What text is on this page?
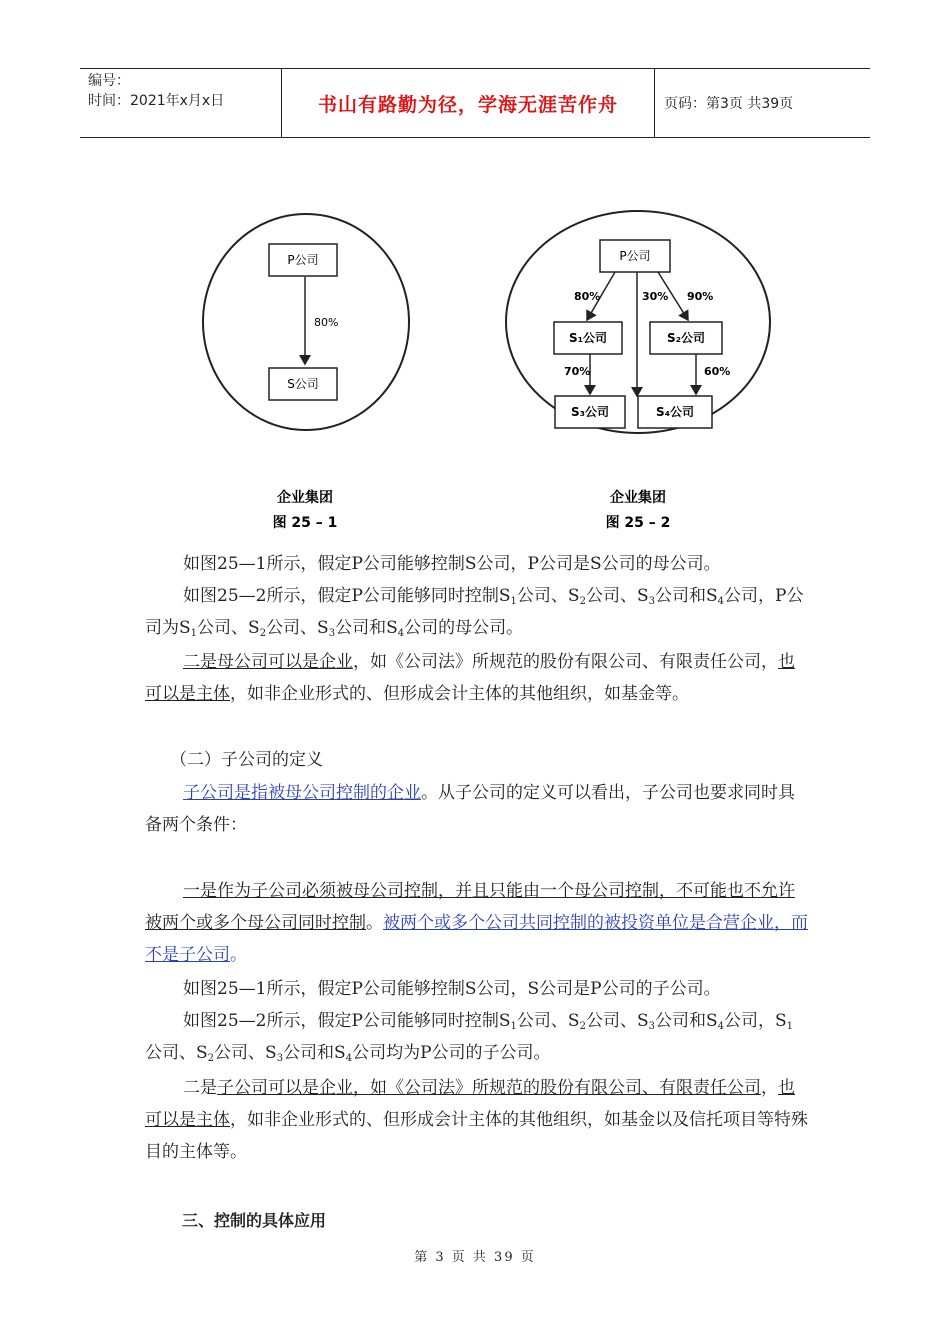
编号：
时间：2021年x月x日	书山有路勤为径，学海无涯苦作舟	页码：第3页 共39页
P公司
80%
S公司
企业集团
图 25 – 1
P公司
80%	30% 90%
S₁公司	S₂公司
70%	60%
S₃公司	S₄公司
企业集团
图 25 – 2
如图25—1所示，假定P公司能够控制S公司，P公司是S公司的母公司。
如图25—2所示，假定P公司能够同时控制$S_1$公司、$S_2$公司、$S_3$公司和$S_4$公司，P公司为$S_1$公司、$S_2$公司、$S_3$公司和$S_4$公司的母公司。
二是母公司可以是企业，如《公司法》所规范的股份有限公司、有限责任公司，也可以是主体，如非企业形式的、但形成会计主体的其他组织，如基金等。
（二）子公司的定义
子公司是指被母公司控制的企业。从子公司的定义可以看出，子公司也要求同时具备两个条件：
一是作为子公司必须被母公司控制，并且只能由一个母公司控制，不可能也不允许被两个或多个母公司同时控制。被两个或多个公司共同控制的被投资单位是合营企业，而不是子公司。
如图25—1所示，假定P公司能够控制S公司，S公司是P公司的子公司。
如图25—2所示，假定P公司能够同时控制$S_1$公司、$S_2$公司、$S_3$公司和$S_4$公司，$S_1$公司、$S_2$公司、$S_3$公司和$S_4$公司均为P公司的子公司。
二是子公司可以是企业，如《公司法》所规范的股份有限公司、有限责任公司，也可以是主体，如非企业形式的、但形成会计主体的其他组织，如基金以及信托项目等特殊目的主体等。
三、控制的具体应用
第 3 页 共 39 页
